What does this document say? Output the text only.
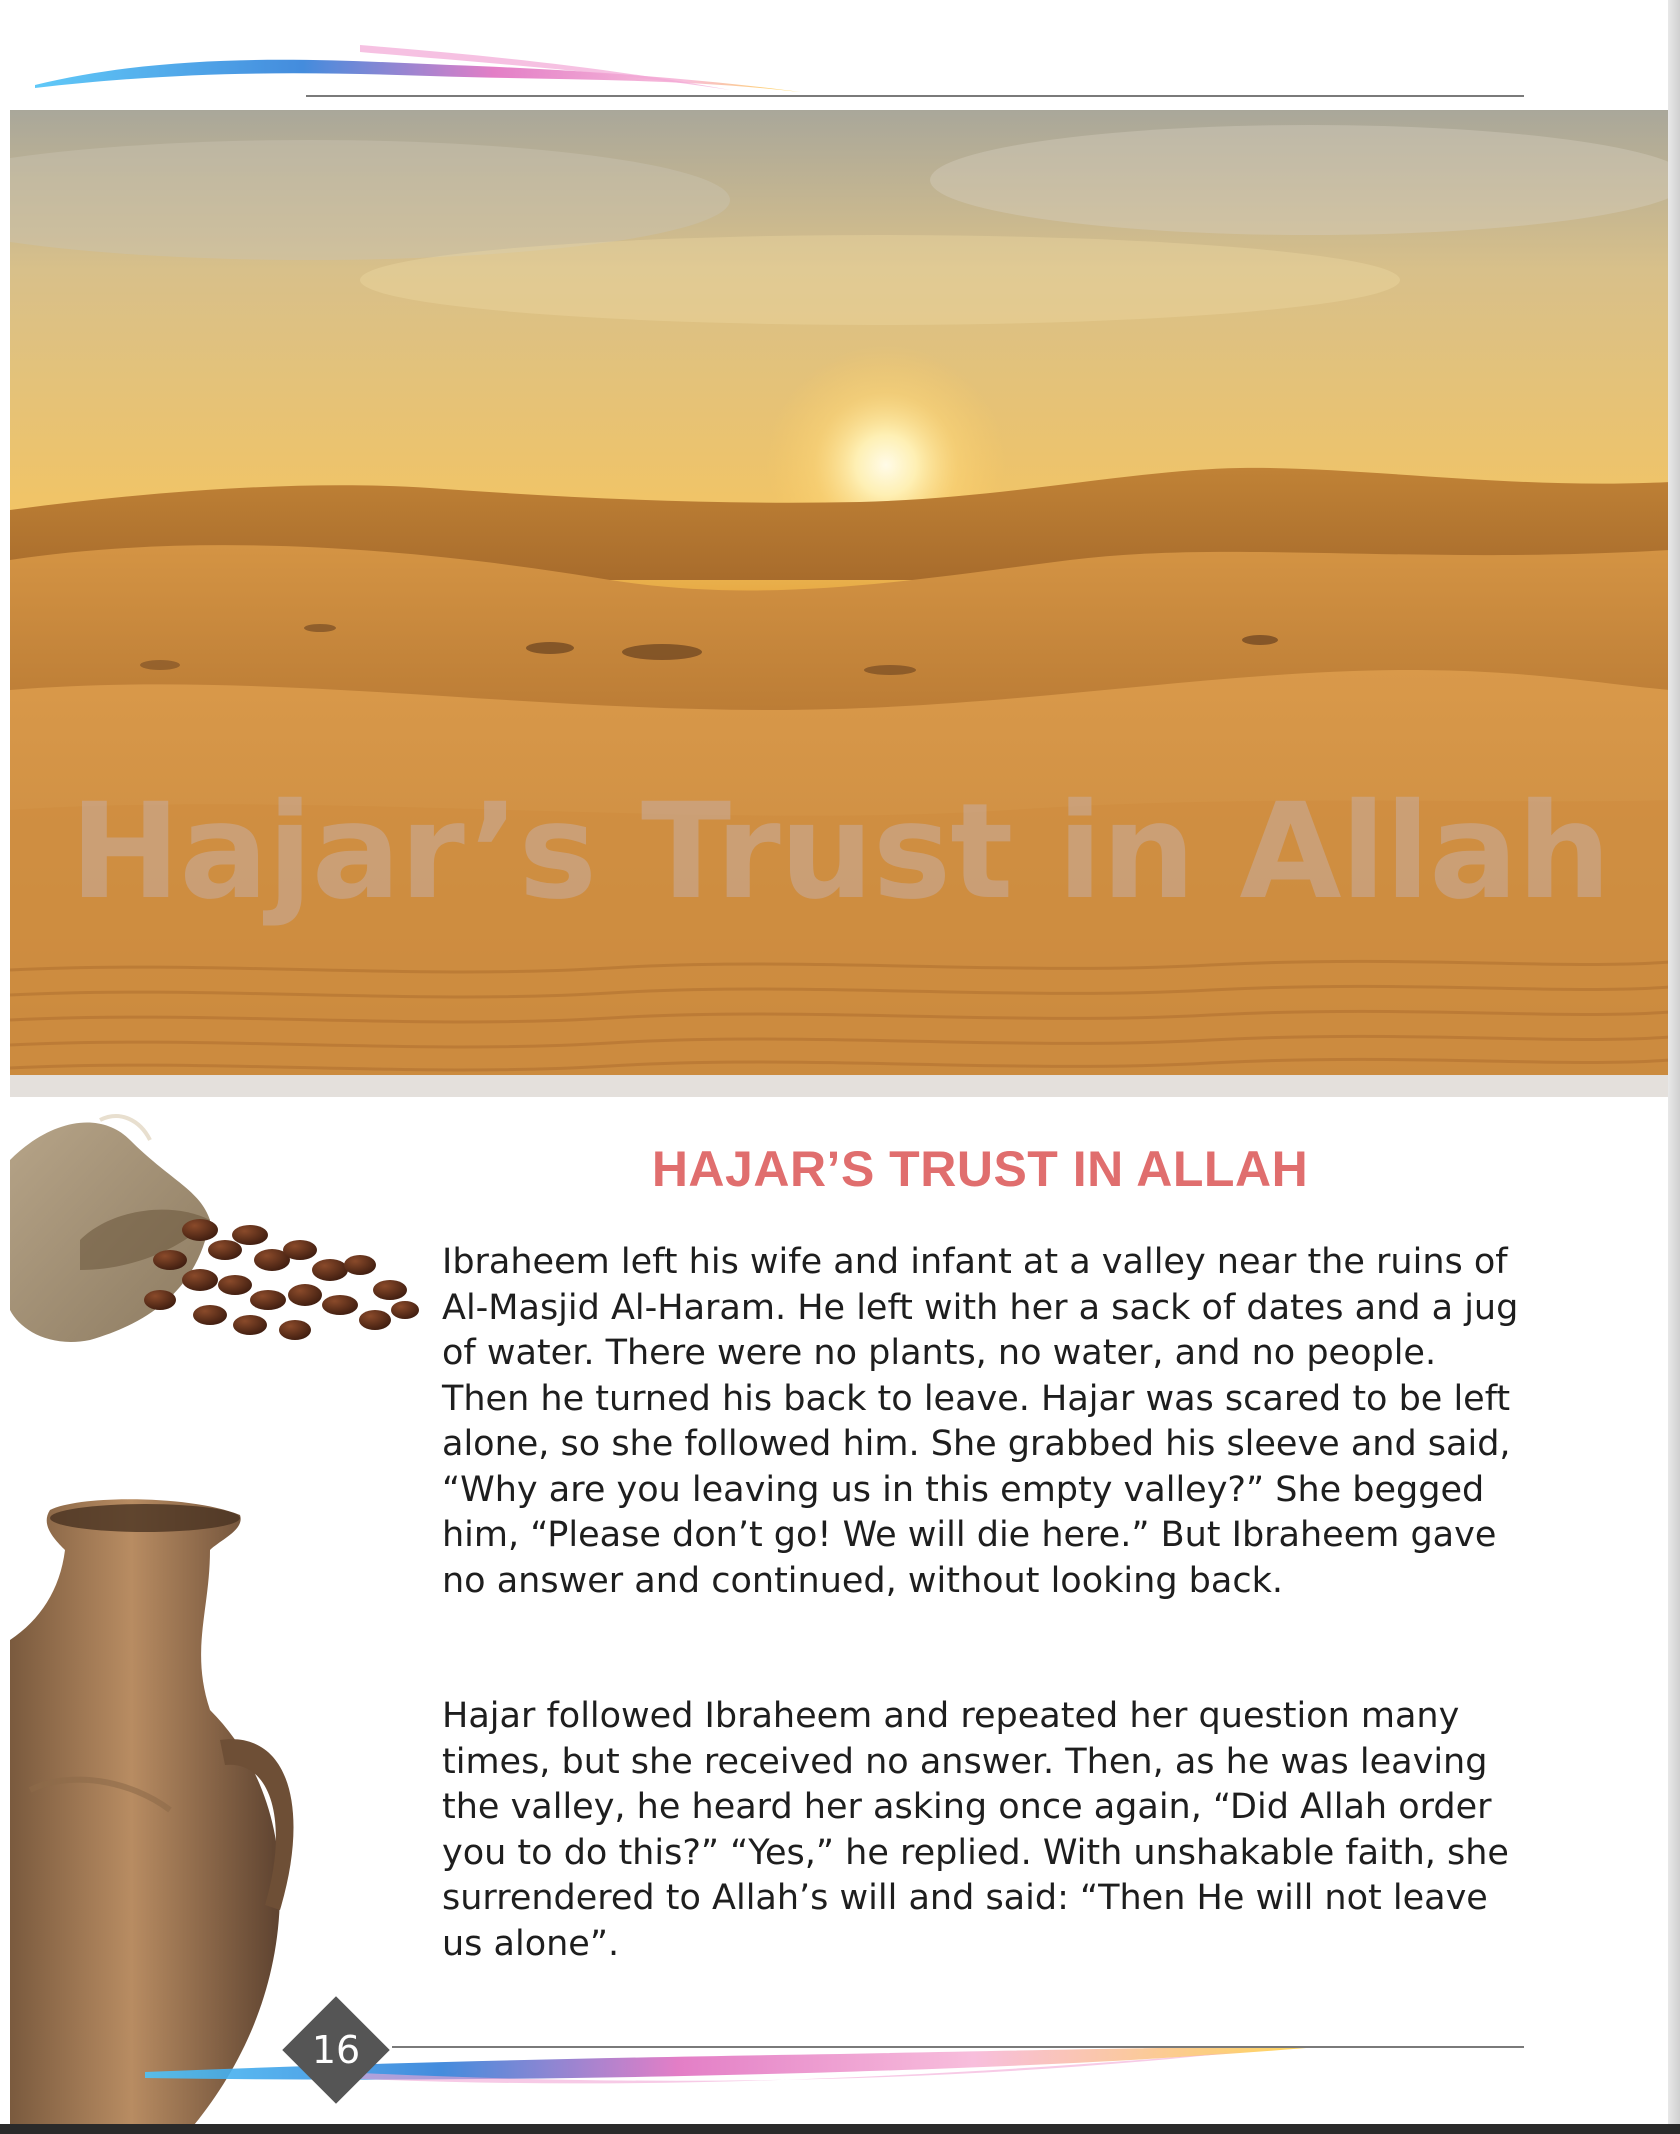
Hajar’s Trust in Allah
HAJAR’S TRUST IN ALLAH

Ibraheem left his wife and infant at a valley near the ruins of Al-Masjid Al-Haram. He left with her a sack of dates and a jug of water. There were no plants, no water, and no people. Then he turned his back to leave. Hajar was scared to be left alone, so she followed him. She grabbed his sleeve and said, “Why are you leaving us in this empty valley?” She begged him, “Please don’t go! We will die here.” But Ibraheem gave no answer and continued, without looking back.

Hajar followed Ibraheem and repeated her question many times, but she received no answer. Then, as he was leaving the valley, he heard her asking once again, “Did Allah order you to do this?” “Yes,” he replied. With unshakable faith, she surrendered to Allah’s will and said: “Then He will not leave us alone”.

16
